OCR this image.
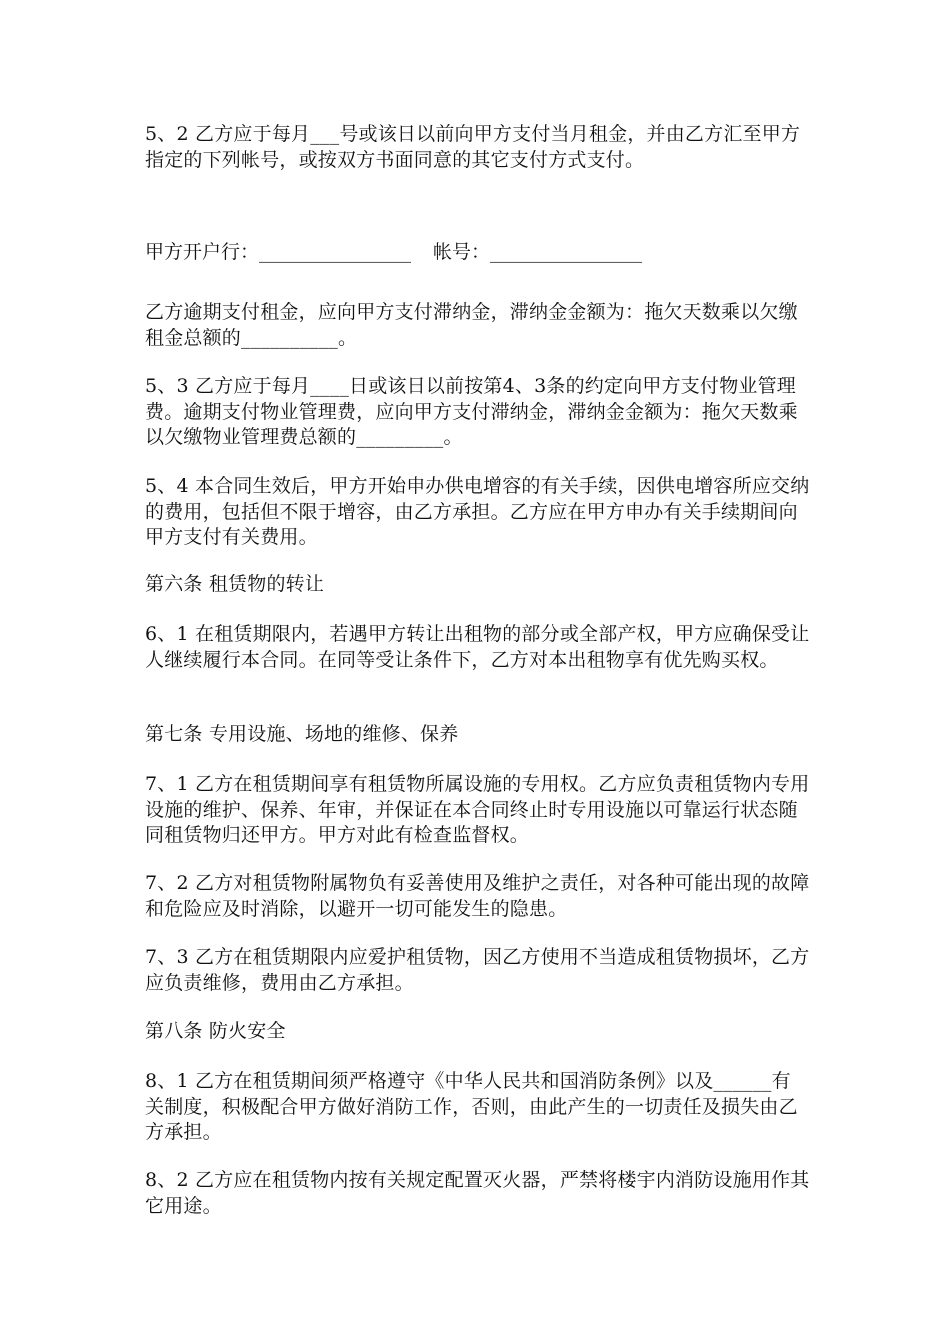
5、2 乙方应于每月___号或该日以前向甲方支付当月租金，并由乙方汇至甲方指定的下列帐号，或按双方书面同意的其它支付方式支付。

甲方开户行：________________ 帐号：________________

乙方逾期支付租金，应向甲方支付滞纳金，滞纳金金额为：拖欠天数乘以欠缴租金总额的__________。

5、3 乙方应于每月____日或该日以前按第4、3条的约定向甲方支付物业管理费。逾期支付物业管理费，应向甲方支付滞纳金，滞纳金金额为：拖欠天数乘以欠缴物业管理费总额的_________。

5、4 本合同生效后，甲方开始申办供电增容的有关手续，因供电增容所应交纳的费用，包括但不限于增容，由乙方承担。乙方应在甲方申办有关手续期间向甲方支付有关费用。

第六条 租赁物的转让

6、1 在租赁期限内，若遇甲方转让出租物的部分或全部产权，甲方应确保受让人继续履行本合同。在同等受让条件下，乙方对本出租物享有优先购买权。

第七条 专用设施、场地的维修、保养

7、1 乙方在租赁期间享有租赁物所属设施的专用权。乙方应负责租赁物内专用设施的维护、保养、年审，并保证在本合同终止时专用设施以可靠运行状态随同租赁物归还甲方。甲方对此有检查监督权。

7、2 乙方对租赁物附属物负有妥善使用及维护之责任，对各种可能出现的故障和危险应及时消除，以避开一切可能发生的隐患。

7、3 乙方在租赁期限内应爱护租赁物，因乙方使用不当造成租赁物损坏，乙方应负责维修，费用由乙方承担。

第八条 防火安全

8、1 乙方在租赁期间须严格遵守《中华人民共和国消防条例》以及______有关制度，积极配合甲方做好消防工作，否则，由此产生的一切责任及损失由乙方承担。

8、2 乙方应在租赁物内按有关规定配置灭火器，严禁将楼宇内消防设施用作其它用途。
